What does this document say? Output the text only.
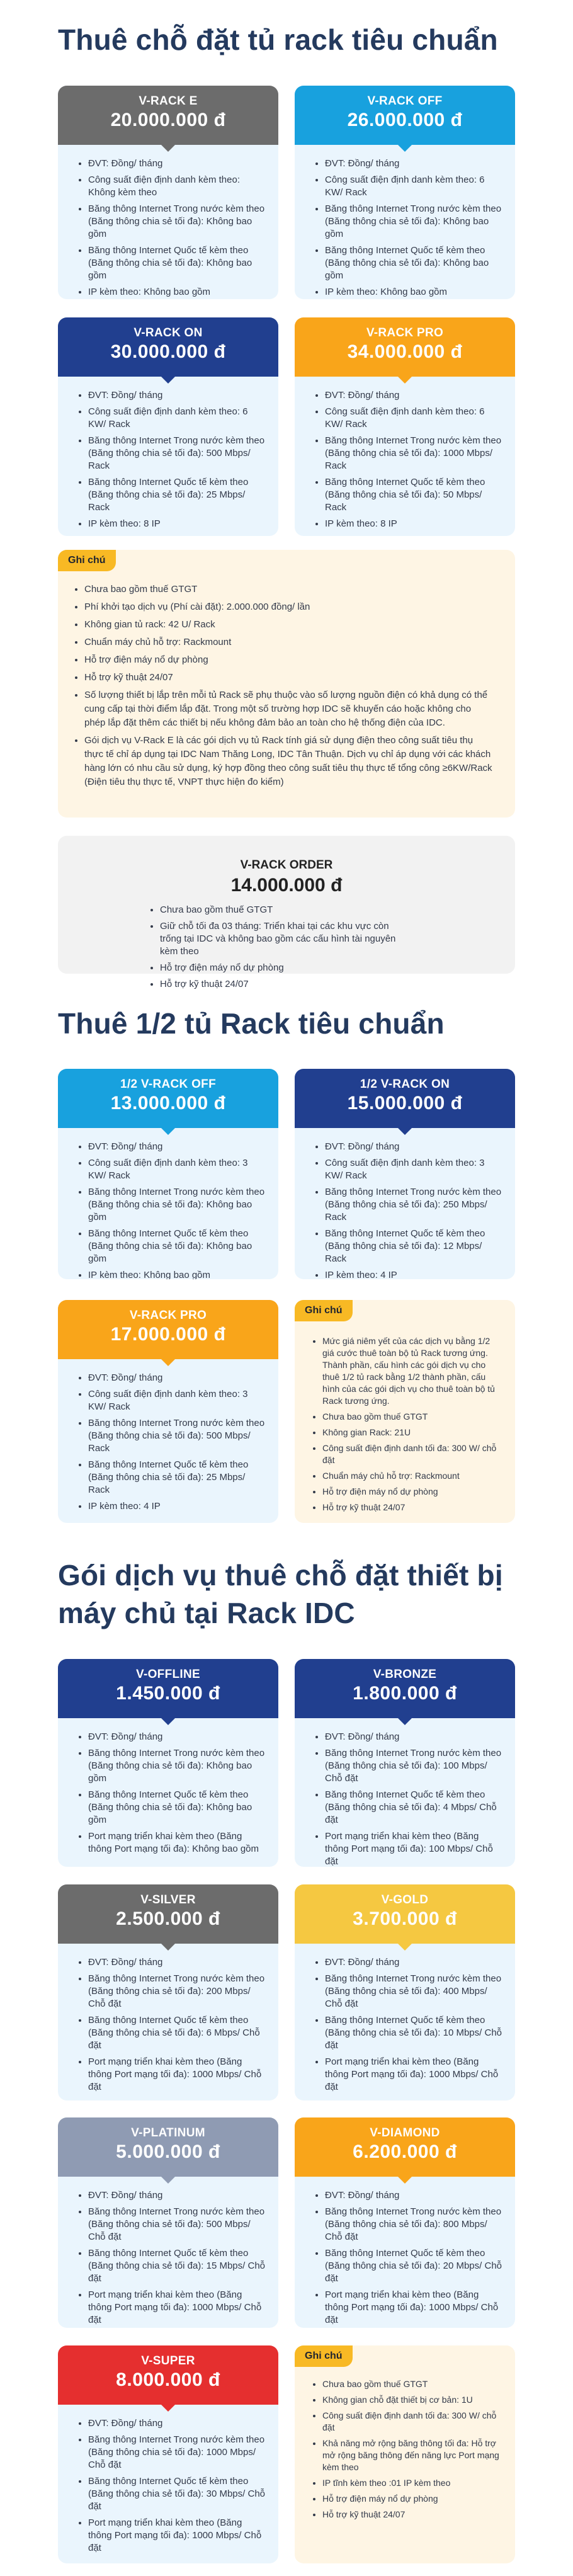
Thuê chỗ đặt tủ rack tiêu chuẩn
V-RACK E
20.000.000 đ
• ĐVT: Đồng/ tháng
• Công suất điện định danh kèm theo: Không kèm theo
• Băng thông Internet Trong nước kèm theo (Băng thông chia sẻ tối đa): Không bao gồm
• Băng thông Internet Quốc tế kèm theo (Băng thông chia sẻ tối đa): Không bao gồm
• IP kèm theo: Không bao gồm
V-RACK OFF
26.000.000 đ
• ĐVT: Đồng/ tháng
• Công suất điện định danh kèm theo: 6 KW/ Rack
• Băng thông Internet Trong nước kèm theo (Băng thông chia sẻ tối đa): Không bao gồm
• Băng thông Internet Quốc tế kèm theo (Băng thông chia sẻ tối đa): Không bao gồm
• IP kèm theo: Không bao gồm
V-RACK ON
30.000.000 đ
• ĐVT: Đồng/ tháng
• Công suất điện định danh kèm theo: 6 KW/ Rack
• Băng thông Internet Trong nước kèm theo (Băng thông chia sẻ tối đa): 500 Mbps/ Rack
• Băng thông Internet Quốc tế kèm theo (Băng thông chia sẻ tối đa): 25 Mbps/ Rack
• IP kèm theo: 8 IP
V-RACK PRO
34.000.000 đ
• ĐVT: Đồng/ tháng
• Công suất điện định danh kèm theo: 6 KW/ Rack
• Băng thông Internet Trong nước kèm theo (Băng thông chia sẻ tối đa): 1000 Mbps/ Rack
• Băng thông Internet Quốc tế kèm theo (Băng thông chia sẻ tối đa): 50 Mbps/ Rack
• IP kèm theo: 8 IP
Ghi chú
• Chưa bao gồm thuế GTGT
• Phí khởi tạo dịch vụ (Phí cài đặt): 2.000.000 đồng/ lần
• Không gian tủ rack: 42 U/ Rack
• Chuẩn máy chủ hỗ trợ: Rackmount
• Hỗ trợ điện máy nổ dự phòng
• Hỗ trợ kỹ thuật 24/07
• Số lượng thiết bị lắp trên mỗi tủ Rack sẽ phụ thuộc vào số lượng nguồn điện có khả dụng có thể cung cấp tại thời điểm lắp đặt. Trong một số trường hợp IDC sẽ khuyến cáo hoặc không cho phép lắp đặt thêm các thiết bị nếu không đảm bảo an toàn cho hệ thống điện của IDC.
• Gói dịch vụ V-Rack E là các gói dịch vụ tủ Rack tính giá sử dụng điện theo công suất tiêu thụ thực tế chỉ áp dụng tại IDC Nam Thăng Long, IDC Tân Thuận. Dịch vụ chỉ áp dụng với các khách hàng lớn có nhu cầu sử dụng, ký hợp đồng theo công suất tiêu thụ thực tế tổng công ≥6KW/Rack (Điện tiêu thụ thực tế, VNPT thực hiện đo kiểm)
V-RACK ORDER
14.000.000 đ
• Chưa bao gồm thuế GTGT
• Giữ chỗ tối đa 03 tháng: Triển khai tại các khu vực còn trống tại IDC và không bao gồm các cấu hình tài nguyên kèm theo
• Hỗ trợ điện máy nổ dự phòng
• Hỗ trợ kỹ thuật 24/07
Thuê 1/2 tủ Rack tiêu chuẩn
1/2 V-RACK OFF
13.000.000 đ
• ĐVT: Đồng/ tháng
• Công suất điện định danh kèm theo: 3 KW/ Rack
• Băng thông Internet Trong nước kèm theo (Băng thông chia sẻ tối đa): Không bao gồm
• Băng thông Internet Quốc tế kèm theo (Băng thông chia sẻ tối đa): Không bao gồm
• IP kèm theo: Không bao gồm
1/2 V-RACK ON
15.000.000 đ
• ĐVT: Đồng/ tháng
• Công suất điện định danh kèm theo: 3 KW/ Rack
• Băng thông Internet Trong nước kèm theo (Băng thông chia sẻ tối đa): 250 Mbps/ Rack
• Băng thông Internet Quốc tế kèm theo (Băng thông chia sẻ tối đa): 12 Mbps/ Rack
• IP kèm theo: 4 IP
V-RACK PRO
17.000.000 đ
• ĐVT: Đồng/ tháng
• Công suất điện định danh kèm theo: 3 KW/ Rack
• Băng thông Internet Trong nước kèm theo (Băng thông chia sẻ tối đa): 500 Mbps/ Rack
• Băng thông Internet Quốc tế kèm theo (Băng thông chia sẻ tối đa): 25 Mbps/ Rack
• IP kèm theo: 4 IP
Ghi chú
• Mức giá niêm yết của các dịch vụ bằng 1/2 giá cước thuê toàn bộ tủ Rack tương ứng. Thành phần, cấu hình các gói dịch vụ cho thuê 1/2 tủ rack bằng 1/2 thành phần, cấu hình của các gói dịch vụ cho thuê toàn bộ tủ Rack tương ứng.
• Chưa bao gồm thuế GTGT
• Không gian Rack: 21U
• Công suất điện định danh tối đa: 300 W/ chỗ đặt
• Chuẩn máy chủ hỗ trợ: Rackmount
• Hỗ trợ điện máy nổ dự phòng
• Hỗ trợ kỹ thuật 24/07
Gói dịch vụ thuê chỗ đặt thiết bị máy chủ tại Rack IDC
V-OFFLINE
1.450.000 đ
• ĐVT: Đồng/ tháng
• Băng thông Internet Trong nước kèm theo (Băng thông chia sẻ tối đa): Không bao gồm
• Băng thông Internet Quốc tế kèm theo (Băng thông chia sẻ tối đa): Không bao gồm
• Port mạng triển khai kèm theo (Băng thông Port mạng tối đa): Không bao gồm
V-BRONZE
1.800.000 đ
• ĐVT: Đồng/ tháng
• Băng thông Internet Trong nước kèm theo (Băng thông chia sẻ tối đa): 100 Mbps/ Chỗ đặt
• Băng thông Internet Quốc tế kèm theo (Băng thông chia sẻ tối đa): 4 Mbps/ Chỗ đặt
• Port mạng triển khai kèm theo (Băng thông Port mạng tối đa): 100 Mbps/ Chỗ đặt
V-SILVER
2.500.000 đ
• ĐVT: Đồng/ tháng
• Băng thông Internet Trong nước kèm theo (Băng thông chia sẻ tối đa): 200 Mbps/ Chỗ đặt
• Băng thông Internet Quốc tế kèm theo (Băng thông chia sẻ tối đa): 6 Mbps/ Chỗ đặt
• Port mạng triển khai kèm theo (Băng thông Port mạng tối đa): 1000 Mbps/ Chỗ đặt
V-GOLD
3.700.000 đ
• ĐVT: Đồng/ tháng
• Băng thông Internet Trong nước kèm theo (Băng thông chia sẻ tối đa): 400 Mbps/ Chỗ đặt
• Băng thông Internet Quốc tế kèm theo (Băng thông chia sẻ tối đa): 10 Mbps/ Chỗ đặt
• Port mạng triển khai kèm theo (Băng thông Port mạng tối đa): 1000 Mbps/ Chỗ đặt
V-PLATINUM
5.000.000 đ
• ĐVT: Đồng/ tháng
• Băng thông Internet Trong nước kèm theo (Băng thông chia sẻ tối đa): 500 Mbps/ Chỗ đặt
• Băng thông Internet Quốc tế kèm theo (Băng thông chia sẻ tối đa): 15 Mbps/ Chỗ đặt
• Port mạng triển khai kèm theo (Băng thông Port mạng tối đa): 1000 Mbps/ Chỗ đặt
V-DIAMOND
6.200.000 đ
• ĐVT: Đồng/ tháng
• Băng thông Internet Trong nước kèm theo (Băng thông chia sẻ tối đa): 800 Mbps/ Chỗ đặt
• Băng thông Internet Quốc tế kèm theo (Băng thông chia sẻ tối đa): 20 Mbps/ Chỗ đặt
• Port mạng triển khai kèm theo (Băng thông Port mạng tối đa): 1000 Mbps/ Chỗ đặt
V-SUPER
8.000.000 đ
• ĐVT: Đồng/ tháng
• Băng thông Internet Trong nước kèm theo (Băng thông chia sẻ tối đa): 1000 Mbps/ Chỗ đặt
• Băng thông Internet Quốc tế kèm theo (Băng thông chia sẻ tối đa): 30 Mbps/ Chỗ đặt
• Port mạng triển khai kèm theo (Băng thông Port mạng tối đa): 1000 Mbps/ Chỗ đặt
Ghi chú
• Chưa bao gồm thuế GTGT
• Không gian chỗ đặt thiết bị cơ bản: 1U
• Công suất điện định danh tối đa: 300 W/ chỗ đặt
• Khả năng mở rộng băng thông tối đa: Hỗ trợ mở rộng băng thông đến năng lực Port mạng kèm theo
• IP tĩnh kèm theo :01 IP kèm theo
• Hỗ trợ điện máy nổ dự phòng
• Hỗ trợ kỹ thuật 24/07
